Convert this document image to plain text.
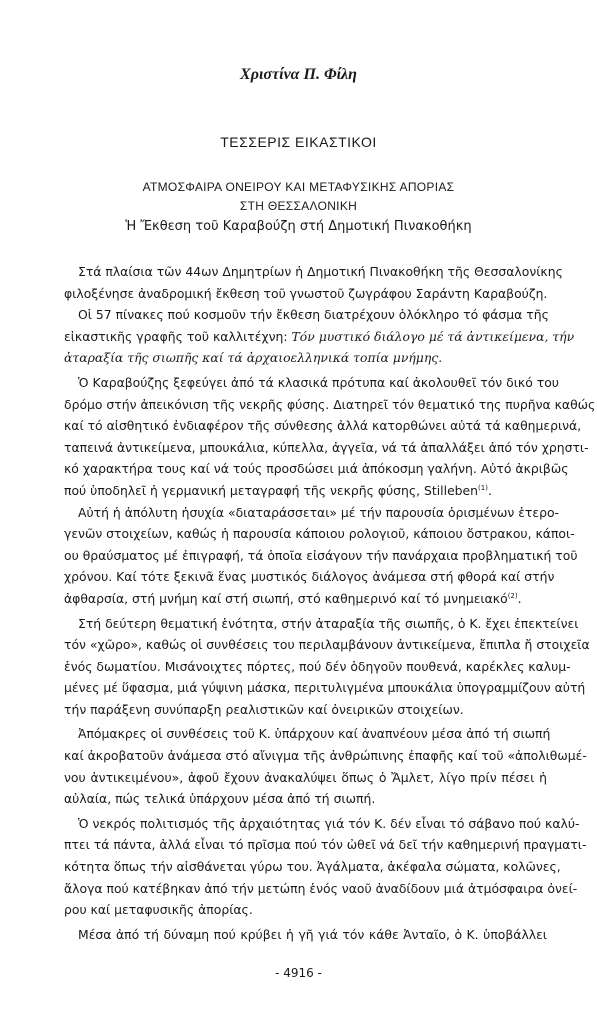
Χριστίνα Π. Φίλη
ΤΕΣΣΕΡΙΣ ΕΙΚΑΣΤΙΚΟΙ
ΑΤΜΟΣΦΑΙΡΑ ΟΝΕΙΡΟΥ ΚΑΙ ΜΕΤΑΦΥΣΙΚΗΣ ΑΠΟΡΙΑΣ
ΣΤΗ ΘΕΣΣΑΛΟΝΙΚΗ
Ἡ Ἔκθεση τοῦ Καραβούζη στή Δημοτική Πινακοθήκη
Στά πλαίσια τῶν 44ων Δημητρίων ἡ Δημοτική Πινακοθήκη τῆς Θεσσαλονίκης
φιλοξένησε ἀναδρομική ἔκθεση τοῦ γνωστοῦ ζωγράφου Σαράντη Καραβούζη.
Οἱ 57 πίνακες πού κοσμοῦν τήν ἔκθεση διατρέχουν ὁλόκληρο τό φάσμα τῆς
εἰκαστικῆς γραφῆς τοῦ καλλιτέχνη: Τόν μυστικό διάλογο μέ τά ἀντικείμενα, τήν
ἀταραξία τῆς σιωπῆς καί τά ἀρχαιοελληνικά τοπία μνήμης.
Ὁ Καραβούζης ξεφεύγει ἀπό τά κλασικά πρότυπα καί ἀκολουθεῖ τόν δικό του
δρόμο στήν ἀπεικόνιση τῆς νεκρῆς φύσης. Διατηρεῖ τόν θεματικό της πυρῆνα καθώς
καί τό αἰσθητικό ἐνδιαφέρον τῆς σύνθεσης ἀλλά κατορθώνει αὐτά τά καθημερινά,
ταπεινά ἀντικείμενα, μπουκάλια, κύπελλα, ἀγγεῖα, νά τά ἀπαλλάξει ἀπό τόν χρηστι-
κό χαρακτήρα τους καί νά τούς προσδώσει μιά ἀπόκοσμη γαλήνη. Αὐτό ἀκριβῶς
πού ὑποδηλεῖ ἡ γερμανική μεταγραφή τῆς νεκρῆς φύσης, Stilleben$^{(1)}$.
Αὐτή ἡ ἀπόλυτη ἡσυχία «διαταράσσεται» μέ τήν παρουσία ὁρισμένων ἑτερο-
γενῶν στοιχείων, καθώς ἡ παρουσία κάποιου ρολογιοῦ, κάποιου ὄστρακου, κάποι-
ου θραύσματος μέ ἐπιγραφή, τά ὁποῖα εἰσάγουν τήν πανάρχαια προβληματική τοῦ
χρόνου. Καί τότε ξεκινᾶ ἕνας μυστικός διάλογος ἀνάμεσα στή φθορά καί στήν
ἀφθαρσία, στή μνήμη καί στή σιωπή, στό καθημερινό καί τό μνημειακό$^{(2)}$.
Στή δεύτερη θεματική ἑνότητα, στήν ἀταραξία τῆς σιωπῆς, ὁ Κ. ἔχει ἐπεκτείνει
τόν «χῶρο», καθώς οἱ συνθέσεις του περιλαμβάνουν ἀντικείμενα, ἔπιπλα ἤ στοιχεῖα
ἑνός δωματίου. Μισάνοιχτες πόρτες, πού δέν ὁδηγοῦν πουθενά, καρέκλες καλυμ-
μένες μέ ὕφασμα, μιά γύψινη μάσκα, περιτυλιγμένα μπουκάλια ὑπογραμμίζουν αὐτή
τήν παράξενη συνύπαρξη ρεαλιστικῶν καί ὀνειρικῶν στοιχείων.
Ἀπόμακρες οἱ συνθέσεις τοῦ Κ. ὑπάρχουν καί ἀναπνέουν μέσα ἀπό τή σιωπή
καί ἀκροβατοῦν ἀνάμεσα στό αἴνιγμα τῆς ἀνθρώπινης ἐπαφῆς καί τοῦ «ἀπολιθωμέ-
νου ἀντικειμένου», ἀφοῦ ἔχουν ἀνακαλύψει ὅπως ὁ Ἄμλετ, λίγο πρίν πέσει ἡ
αὐλαία, πώς τελικά ὑπάρχουν μέσα ἀπό τή σιωπή.
Ὁ νεκρός πολιτισμός τῆς ἀρχαιότητας γιά τόν Κ. δέν εἶναι τό σάβανο πού καλύ-
πτει τά πάντα, ἀλλά εἶναι τό πρῖσμα πού τόν ὠθεῖ νά δεῖ τήν καθημερινή πραγματι-
κότητα ὅπως τήν αἰσθάνεται γύρω του. Ἀγάλματα, ἀκέφαλα σώματα, κολῶνες,
ἄλογα πού κατέβηκαν ἀπό τήν μετώπη ἑνός ναοῦ ἀναδίδουν μιά ἀτμόσφαιρα ὀνεί-
ρου καί μεταφυσικῆς ἀπορίας.
Μέσα ἀπό τή δύναμη πού κρύβει ἡ γῆ γιά τόν κάθε Ἀνταῖο, ὁ Κ. ὑποβάλλει
- 4916 -
